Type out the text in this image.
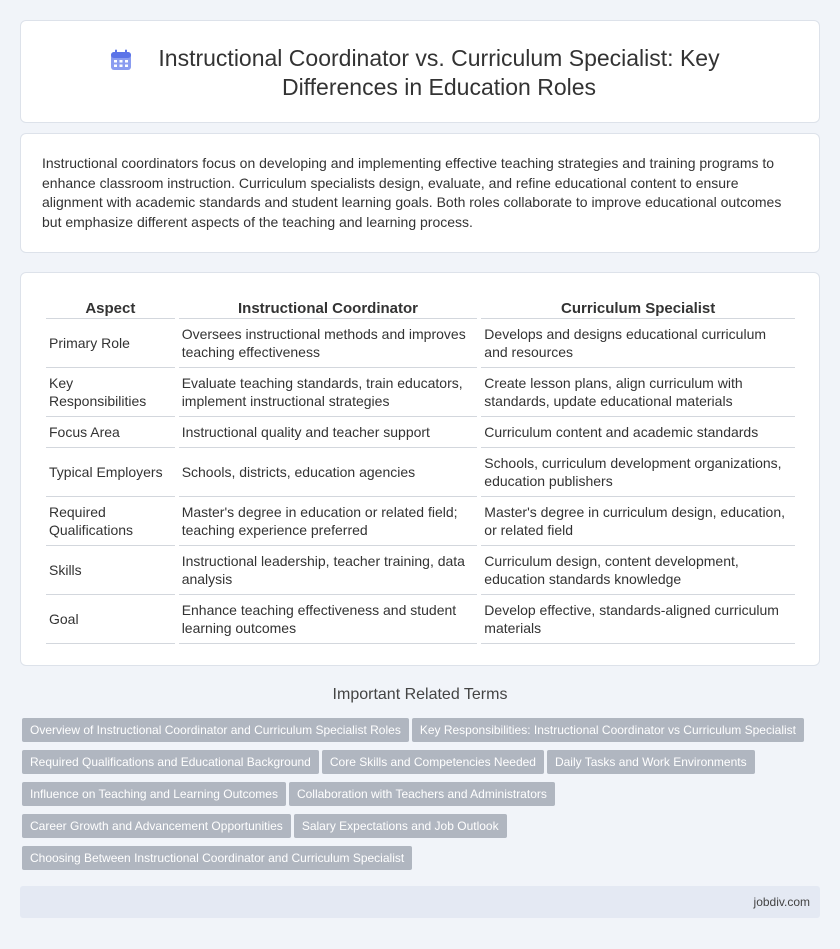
Instructional Coordinator vs. Curriculum Specialist: Key Differences in Education Roles

Instructional coordinators focus on developing and implementing effective teaching strategies and training programs to enhance classroom instruction. Curriculum specialists design, evaluate, and refine educational content to ensure alignment with academic standards and student learning goals. Both roles collaborate to improve educational outcomes but emphasize different aspects of the teaching and learning process.

Aspect	Instructional Coordinator	Curriculum Specialist
Primary Role	Oversees instructional methods and improves teaching effectiveness	Develops and designs educational curriculum and resources
Key Responsibilities	Evaluate teaching standards, train educators, implement instructional strategies	Create lesson plans, align curriculum with standards, update educational materials
Focus Area	Instructional quality and teacher support	Curriculum content and academic standards
Typical Employers	Schools, districts, education agencies	Schools, curriculum development organizations, education publishers
Required Qualifications	Master's degree in education or related field; teaching experience preferred	Master's degree in curriculum design, education, or related field
Skills	Instructional leadership, teacher training, data analysis	Curriculum design, content development, education standards knowledge
Goal	Enhance teaching effectiveness and student learning outcomes	Develop effective, standards-aligned curriculum materials
Important Related Terms
Overview of Instructional Coordinator and Curriculum Specialist Roles Key Responsibilities: Instructional Coordinator vs Curriculum Specialist
Required Qualifications and Educational Background Core Skills and Competencies Needed Daily Tasks and Work Environments
Influence on Teaching and Learning Outcomes Collaboration with Teachers and Administrators
Career Growth and Advancement Opportunities Salary Expectations and Job Outlook
Choosing Between Instructional Coordinator and Curriculum Specialist
jobdiv.com
